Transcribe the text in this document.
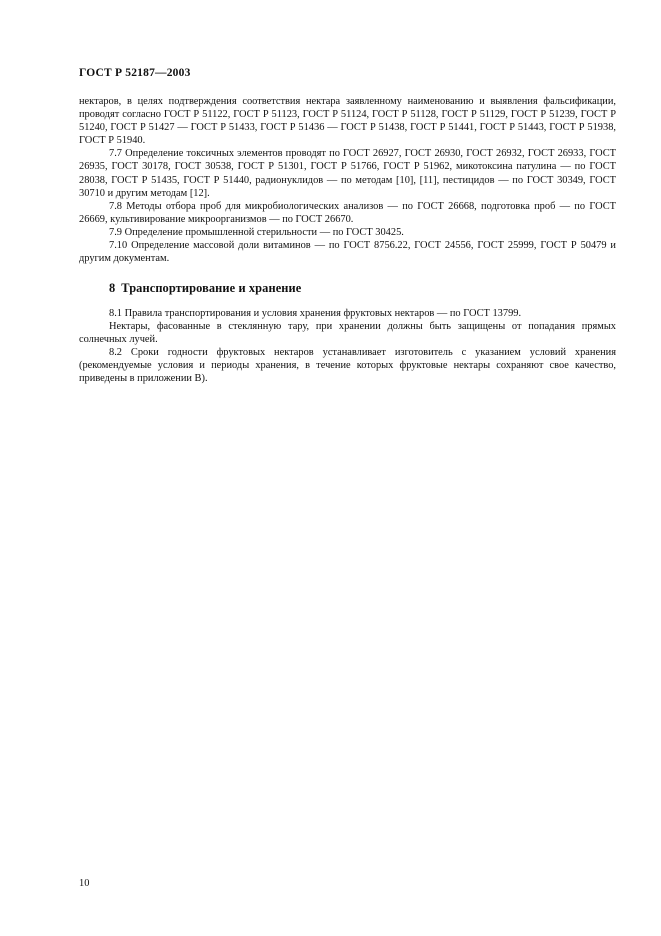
ГОСТ Р 52187—2003

нектаров, в целях подтверждения соответствия нектара заявленному наименованию и выявления фальсификации, проводят согласно ГОСТ Р 51122, ГОСТ Р 51123, ГОСТ Р 51124, ГОСТ Р 51128, ГОСТ Р 51129, ГОСТ Р 51239, ГОСТ Р 51240, ГОСТ Р 51427 — ГОСТ Р 51433, ГОСТ Р 51436 — ГОСТ Р 51438, ГОСТ Р 51441, ГОСТ Р 51443, ГОСТ Р 51938, ГОСТ Р 51940.

7.7 Определение токсичных элементов проводят по ГОСТ 26927, ГОСТ 26930, ГОСТ 26932, ГОСТ 26933, ГОСТ 26935, ГОСТ 30178, ГОСТ 30538, ГОСТ Р 51301, ГОСТ Р 51766, ГОСТ Р 51962, микотоксина патулина — по ГОСТ 28038, ГОСТ Р 51435, ГОСТ Р 51440, радионуклидов — по методам [10], [11], пестицидов — по ГОСТ 30349, ГОСТ 30710 и другим методам [12].

7.8 Методы отбора проб для микробиологических анализов — по ГОСТ 26668, подготовка проб — по ГОСТ 26669, культивирование микроорганизмов — по ГОСТ 26670.

7.9 Определение промышленной стерильности — по ГОСТ 30425.

7.10 Определение массовой доли витаминов — по ГОСТ 8756.22, ГОСТ 24556, ГОСТ 25999, ГОСТ Р 50479 и другим документам.

8 Транспортирование и хранение

8.1 Правила транспортирования и условия хранения фруктовых нектаров — по ГОСТ 13799.

Нектары, фасованные в стеклянную тару, при хранении должны быть защищены от попадания прямых солнечных лучей.

8.2 Сроки годности фруктовых нектаров устанавливает изготовитель с указанием условий хранения (рекомендуемые условия и периоды хранения, в течение которых фруктовые нектары сохраняют свое качество, приведены в приложении В).

10
